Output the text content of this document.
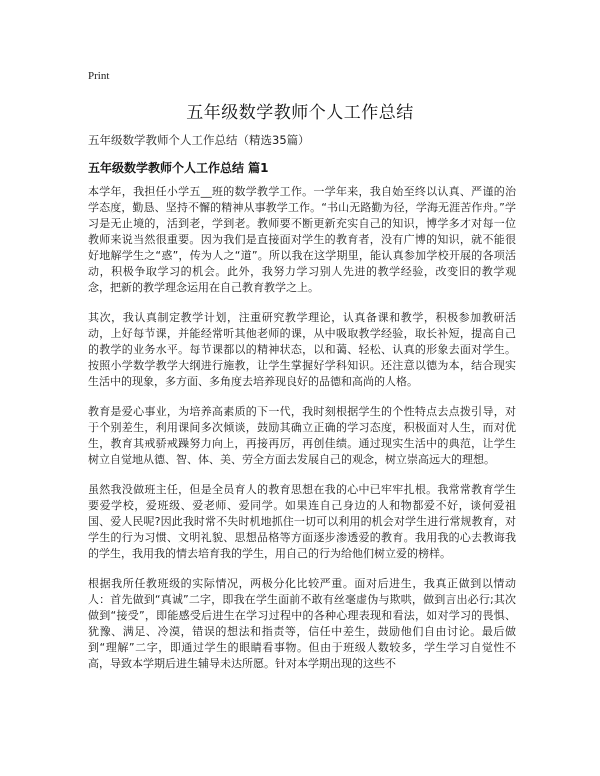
Print
五年级数学教师个人工作总结
五年级数学教师个人工作总结（精选35篇）
五年级数学教师个人工作总结 篇1

本学年，我担任小学五__班的数学教学工作。一学年来，我自始至终以认真、严谨的治学态度，勤恳、坚持不懈的精神从事教学工作。“书山无路勤为径，学海无涯苦作舟。”学习是无止境的，活到老，学到老。教师要不断更新充实自己的知识，博学多才对每一位教师来说当然很重要。因为我们是直接面对学生的教育者，没有广博的知识，就不能很好地解学生之“惑”，传为人之“道”。所以我在这学期里，能认真参加学校开展的各项活动，积极争取学习的机会。此外，我努力学习别人先进的教学经验，改变旧的教学观念，把新的教学理念运用在自己教育教学之上。

其次，我认真制定教学计划，注重研究教学理论，认真备课和教学，积极参加教研活动，上好每节课，并能经常听其他老师的课，从中吸取教学经验，取长补短，提高自己的教学的业务水平。每节课都以的精神状态，以和蔼、轻松、认真的形象去面对学生。按照小学数学教学大纲进行施教，让学生掌握好学科知识。还注意以德为本，结合现实生活中的现象，多方面、多角度去培养现良好的品德和高尚的人格。

教育是爱心事业，为培养高素质的下一代，我时刻根据学生的个性特点去点拨引导，对于个别差生，利用课间多次倾谈，鼓励其确立正确的学习态度，积极面对人生，而对优生，教育其戒骄戒躁努力向上，再接再厉，再创佳绩。通过现实生活中的典范，让学生树立自觉地从德、智、体、美、劳全方面去发展自己的观念，树立崇高远大的理想。

虽然我没做班主任，但是全员育人的教育思想在我的心中已牢牢扎根。我常常教育学生要爱学校，爱班级、爱老师、爱同学。如果连自己身边的人和物都爱不好，谈何爱祖国、爱人民呢?因此我时常不失时机地抓住一切可以利用的机会对学生进行常规教育，对学生的行为习惯、文明礼貌、思想品格等方面逐步渗透爱的教育。我用我的心去教诲我的学生，我用我的情去培育我的学生，用自己的行为给他们树立爱的榜样。

根据我所任教班级的实际情况，两极分化比较严重。面对后进生，我真正做到以情动人：首先做到“真诚”二字，即我在学生面前不敢有丝毫虚伪与欺哄，做到言出必行;其次做到“接受”，即能感受后进生在学习过程中的各种心理表现和看法，如对学习的畏惧、犹豫、满足、冷漠，错误的想法和指责等，信任中差生，鼓励他们自由讨论。最后做到“理解”二字，即通过学生的眼睛看事物。但由于班级人数较多，学生学习自觉性不高，导致本学期后进生辅导未达所愿。针对本学期出现的这些不
